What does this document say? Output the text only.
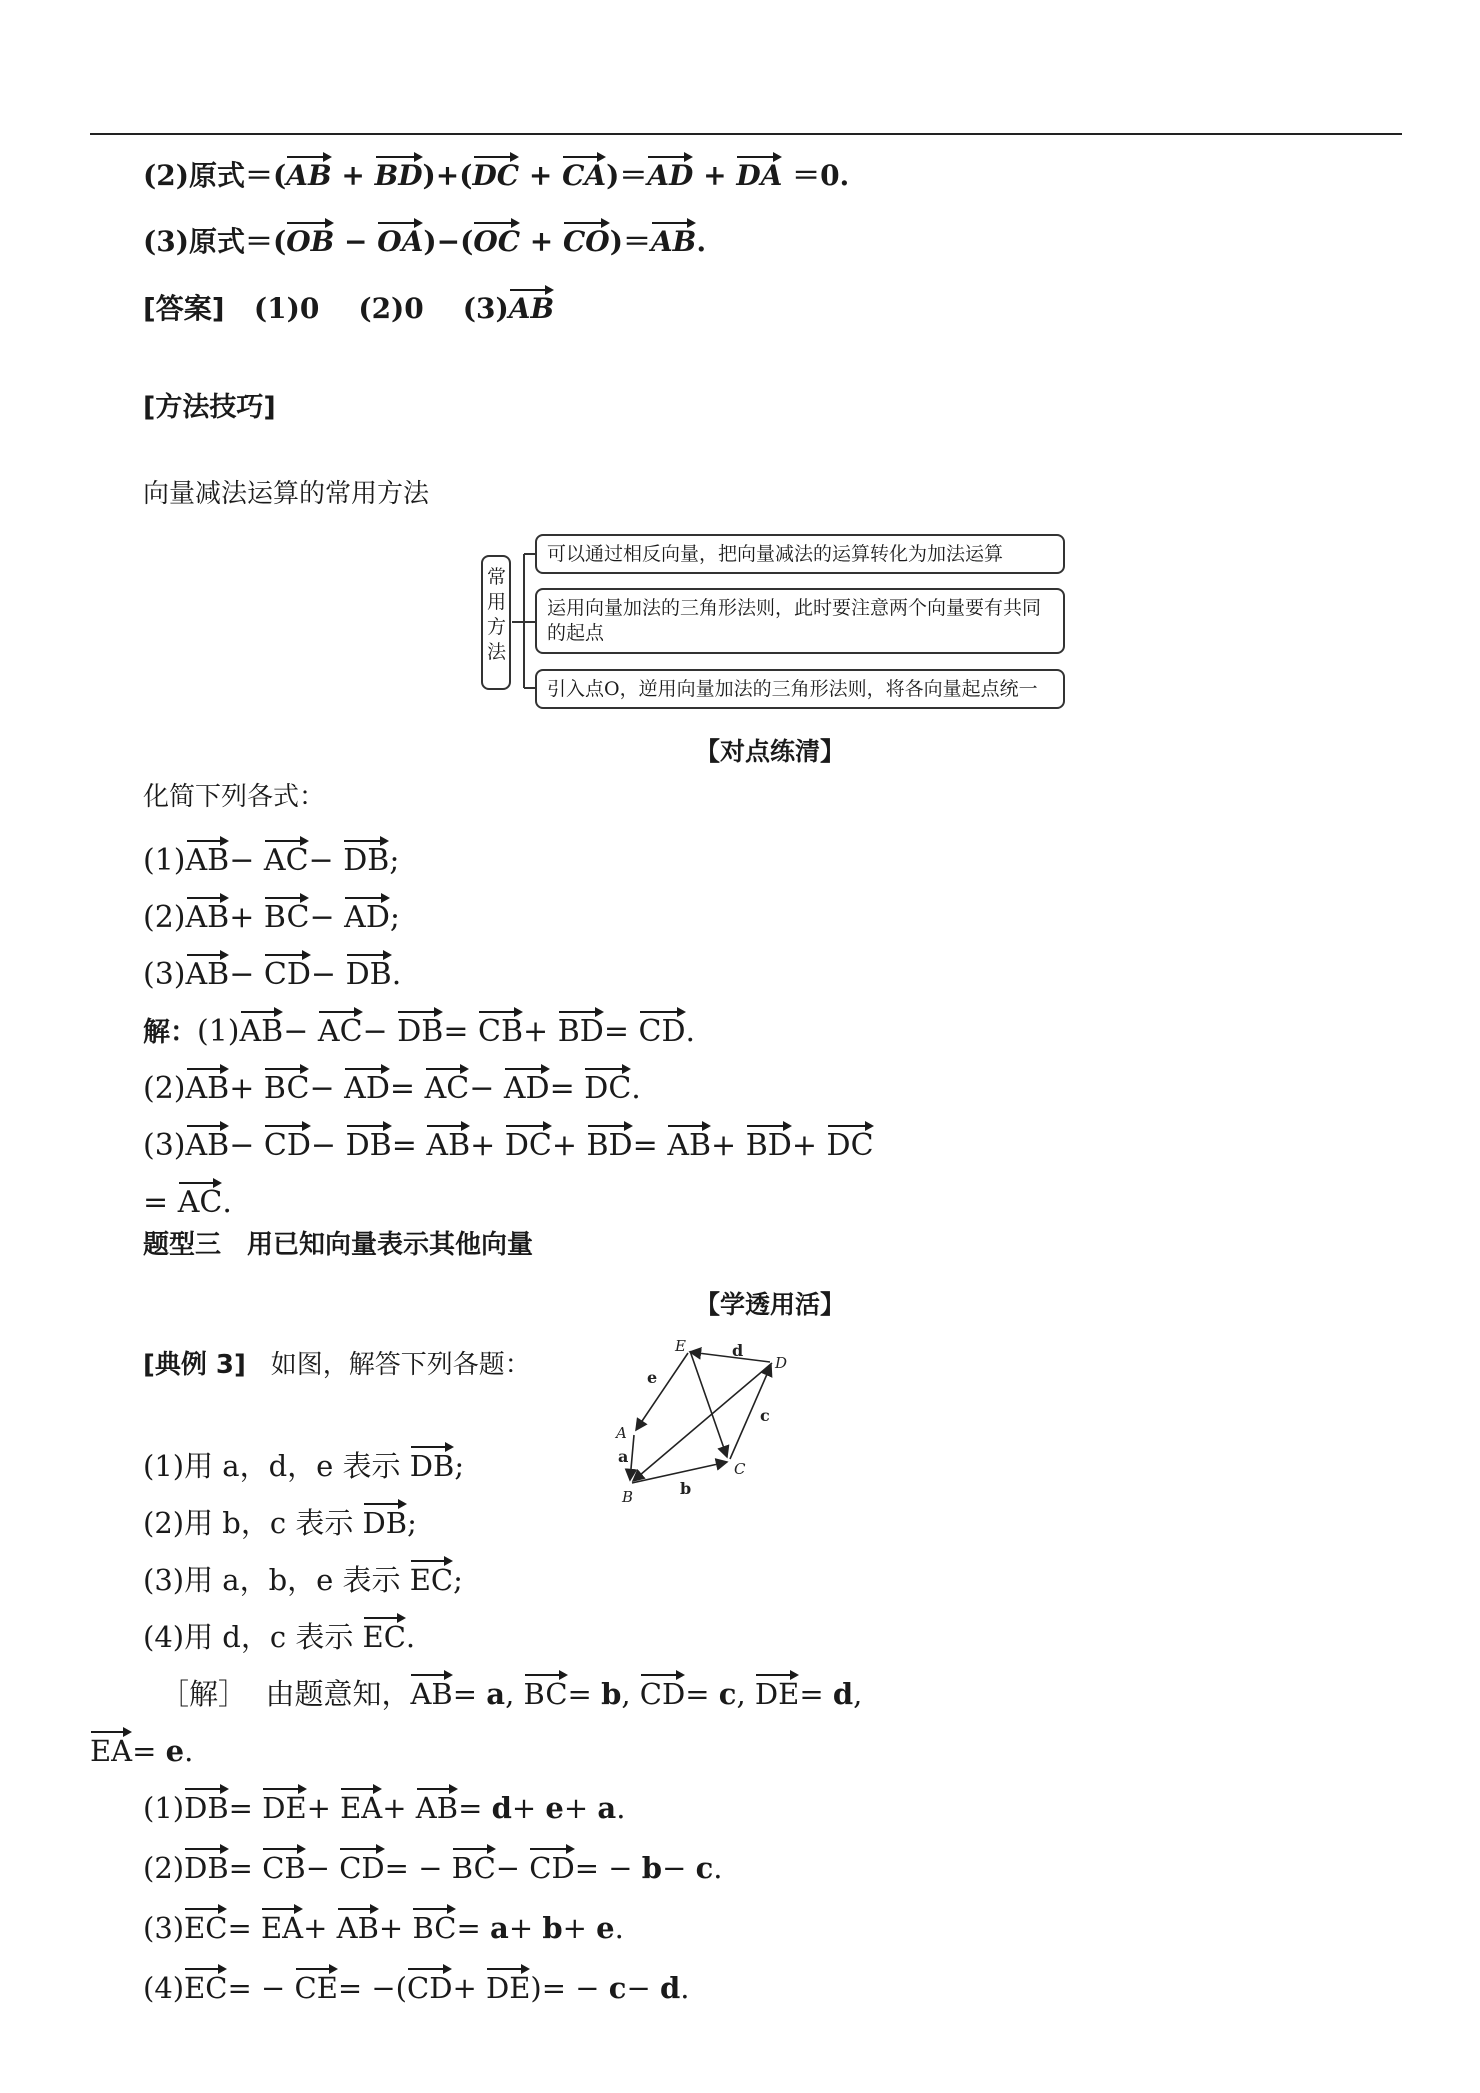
(2)原式＝(AB + BD)+(DC + CA)＝AD + DA ＝0.
(3)原式＝(OB − OA)−(OC + CO)＝AB.
[答案] (1)0 (2)0 (3)AB
[方法技巧]
向量减法运算的常用方法
常用方法
可以通过相反向量，把向量减法的运算转化为加法运算
运用向量加法的三角形法则，此时要注意两个向量要有共同的起点
引入点O，逆用向量加法的三角形法则，将各向量起点统一
【对点练清】
化简下列各式：
(1)AB− AC− DB;
(2)AB+ BC− AD;
(3)AB− CD− DB.
解：(1)AB− AC− DB= CB+ BD= CD.
(2)AB+ BC− AD= AC− AD= DC.
(3)AB− CD− DB= AB+ DC+ BD= AB+ BD+ DC
= AC.
题型三　用已知向量表示其他向量
【学透用活】
[典例 3] 如图，解答下列各题：
E
D
A
B
C
a
b
c
d
e
(1)用 a，d，e 表示 DB;
(2)用 b，c 表示 DB;
(3)用 a，b，e 表示 EC;
(4)用 d，c 表示 EC.
［解］ 由题意知，AB= a, BC= b, CD= c, DE= d,
EA= e.
(1)DB= DE+ EA+ AB= d+ e+ a.
(2)DB= CB− CD= − BC− CD= − b− c.
(3)EC= EA+ AB+ BC= a+ b+ e.
(4)EC= − CE= −(CD+ DE)= − c− d.
